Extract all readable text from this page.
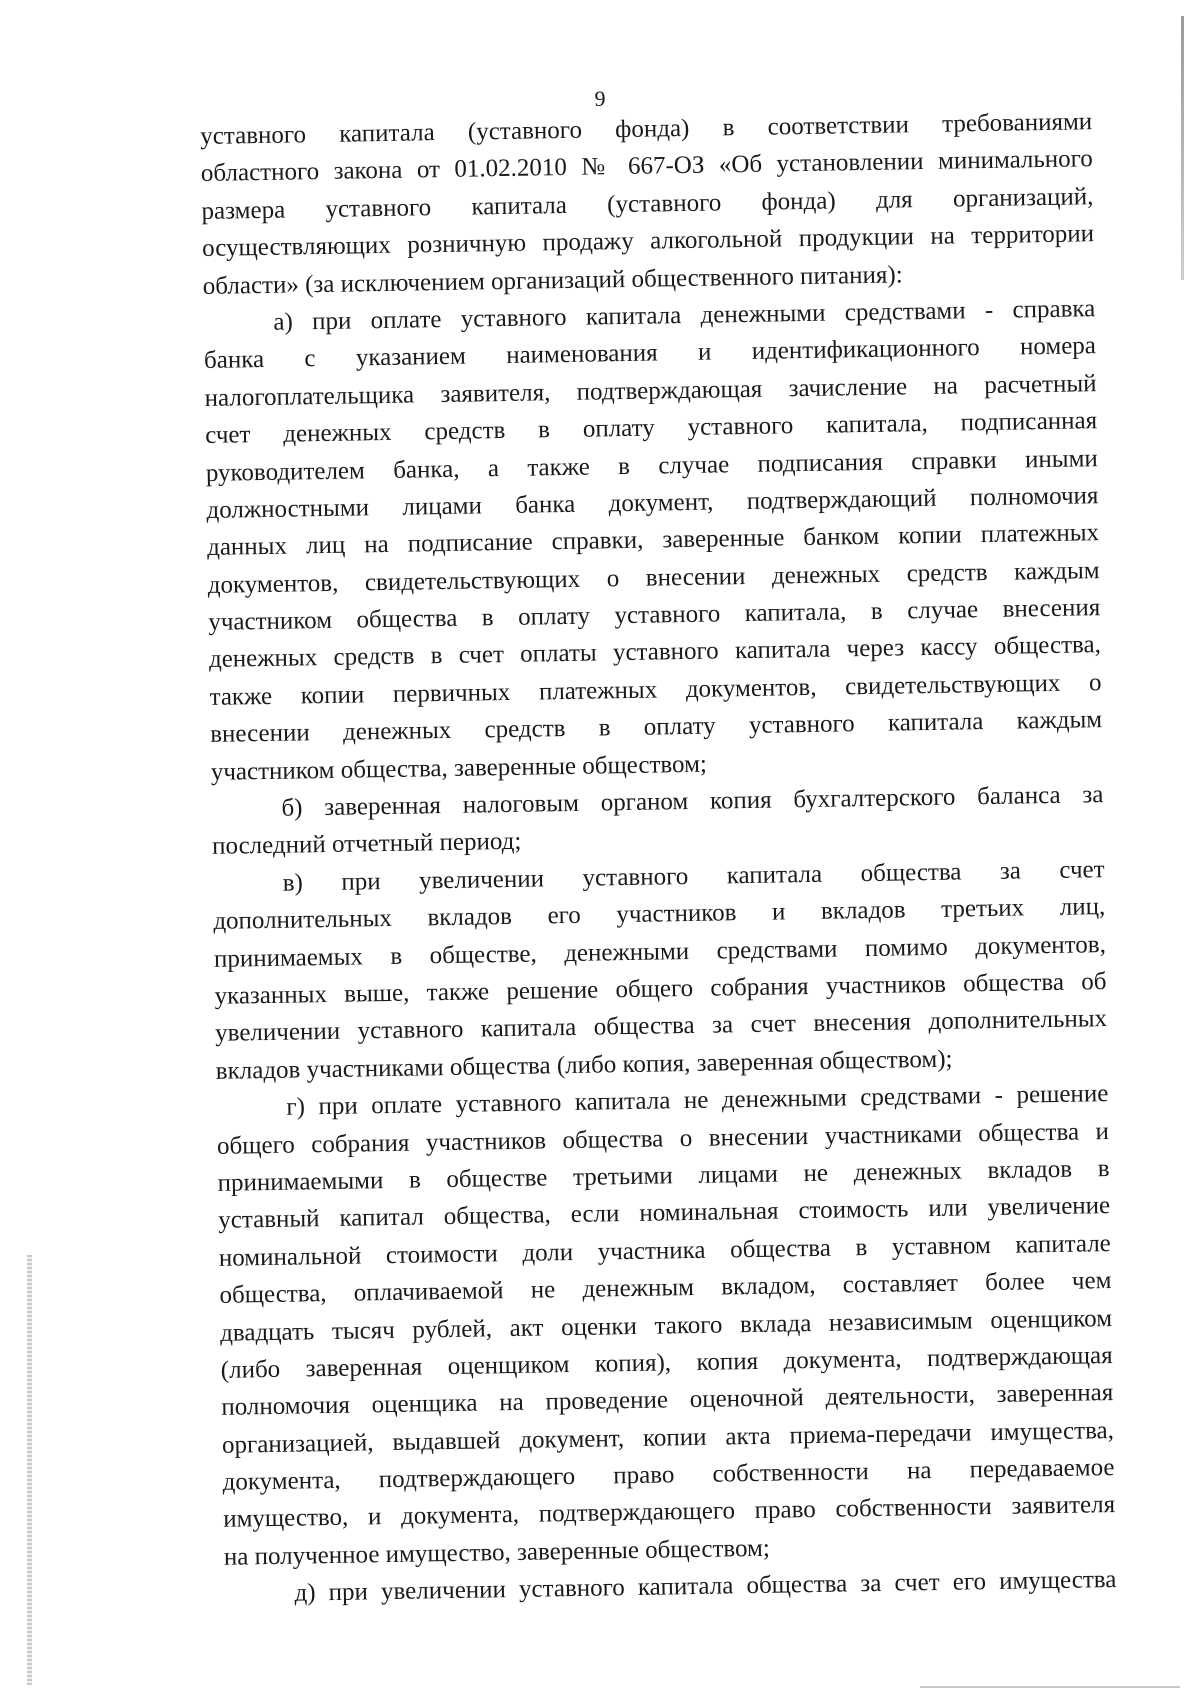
9
уставного капитала (уставного фонда) в соответствии требованиями
областного закона от 01.02.2010 № 667-ОЗ «Об установлении минимального
размера уставного капитала (уставного фонда) для организаций,
осуществляющих розничную продажу алкогольной продукции на территории
области» (за исключением организаций общественного питания):
а) при оплате уставного капитала денежными средствами - справка
банка с указанием наименования и идентификационного номера
налогоплательщика заявителя, подтверждающая зачисление на расчетный
счет денежных средств в оплату уставного капитала, подписанная
руководителем банка, а также в случае подписания справки иными
должностными лицами банка документ, подтверждающий полномочия
данных лиц на подписание справки, заверенные банком копии платежных
документов, свидетельствующих о внесении денежных средств каждым
участником общества в оплату уставного капитала, в случае внесения
денежных средств в счет оплаты уставного капитала через кассу общества,
также копии первичных платежных документов, свидетельствующих о
внесении денежных средств в оплату уставного капитала каждым
участником общества, заверенные обществом;
б) заверенная налоговым органом копия бухгалтерского баланса за
последний отчетный период;
в) при увеличении уставного капитала общества за счет
дополнительных вкладов его участников и вкладов третьих лиц,
принимаемых в обществе, денежными средствами помимо документов,
указанных выше, также решение общего собрания участников общества об
увеличении уставного капитала общества за счет внесения дополнительных
вкладов участниками общества (либо копия, заверенная обществом);
г) при оплате уставного капитала не денежными средствами - решение
общего собрания участников общества о внесении участниками общества и
принимаемыми в обществе третьими лицами не денежных вкладов в
уставный капитал общества, если номинальная стоимость или увеличение
номинальной стоимости доли участника общества в уставном капитале
общества, оплачиваемой не денежным вкладом, составляет более чем
двадцать тысяч рублей, акт оценки такого вклада независимым оценщиком
(либо заверенная оценщиком копия), копия документа, подтверждающая
полномочия оценщика на проведение оценочной деятельности, заверенная
организацией, выдавшей документ, копии акта приема-передачи имущества,
документа, подтверждающего право собственности на передаваемое
имущество, и документа, подтверждающего право собственности заявителя
на полученное имущество, заверенные обществом;
д) при увеличении уставного капитала общества за счет его имущества
